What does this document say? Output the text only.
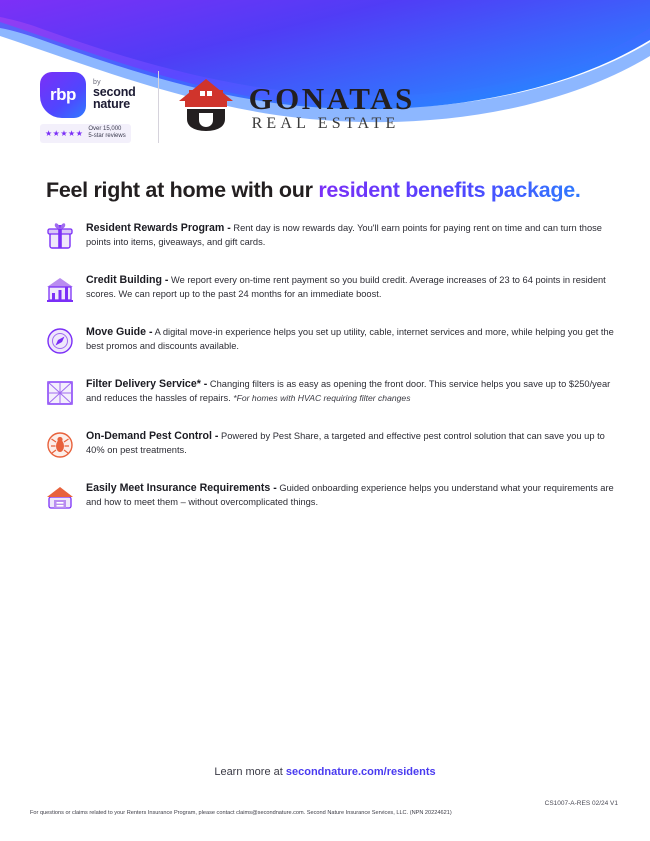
rbp
by
second
nature
★★★★★ Over 15,000
5-star reviews
GONATAS
REAL ESTATE
Feel right at home with our resident benefits package.
Resident Rewards Program - Rent day is now rewards day. You'll earn points for paying rent on time and can turn those points into items, giveaways, and gift cards.
Credit Building - We report every on-time rent payment so you build credit. Average increases of 23 to 64 points in resident scores. We can report up to the past 24 months for an immediate boost.
Move Guide - A digital move-in experience helps you set up utility, cable, internet services and more, while helping you get the best promos and discounts available.
Filter Delivery Service* - Changing filters is as easy as opening the front door. This service helps you save up to $250/year and reduces the hassles of repairs. *For homes with HVAC requiring filter changes
On-Demand Pest Control - Powered by Pest Share, a targeted and effective pest control solution that can save you up to 40% on pest treatments.
Easily Meet Insurance Requirements - Guided onboarding experience helps you understand what your requirements are and how to meet them – without overcomplicated things.
Learn more at secondnature.com/residents
CS1007-A-RES 02/24 V1
For questions or claims related to your Renters Insurance Program, please contact claims@secondnature.com. Second Nature Insurance Services, LLC. (NPN 20224621)
